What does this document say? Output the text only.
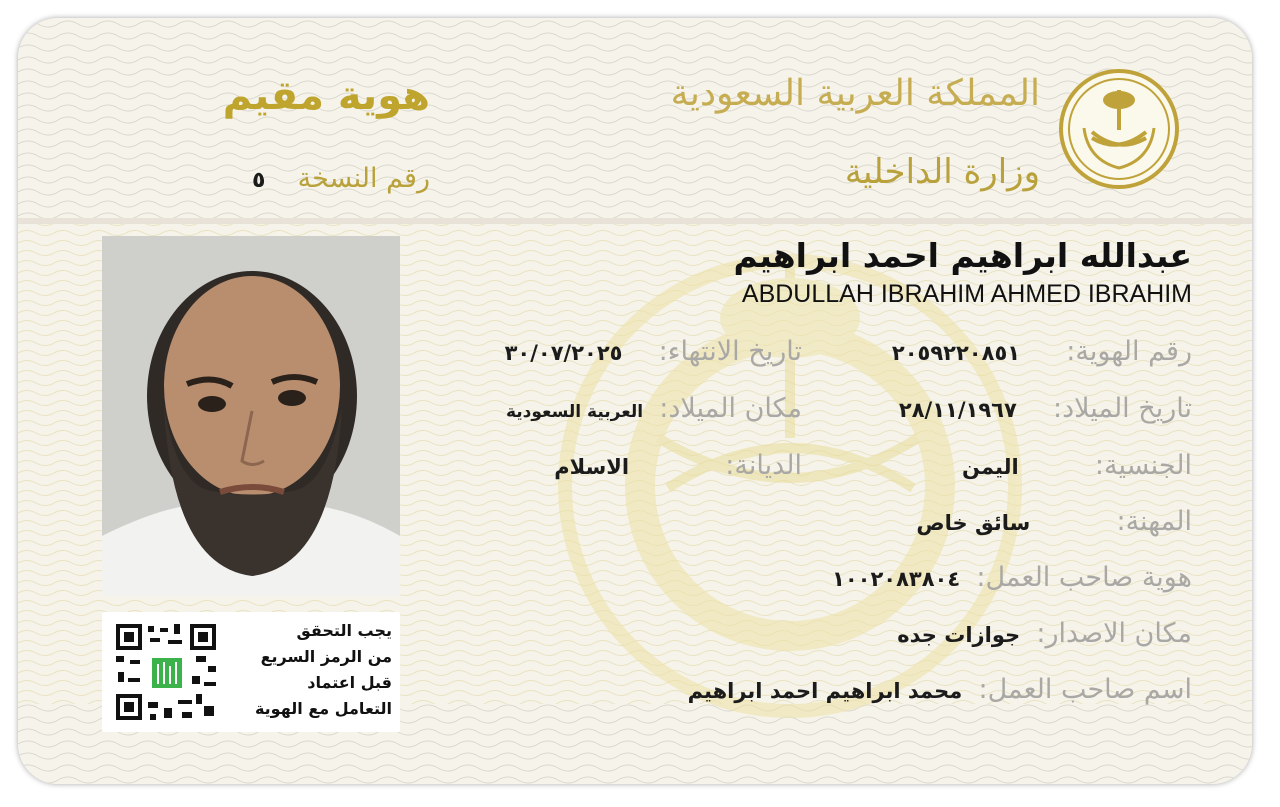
هوية مقيم
رقم النسخة  ٥
المملكة العربية السعودية
وزارة الداخلية
عبدالله ابراهيم احمد ابراهيم
ABDULLAH IBRAHIM AHMED IBRAHIM
رقم الهوية:  ٢٠٥٩٢٢٠٨٥١
تاريخ الميلاد:  ٢٨/١١/١٩٦٧
الجنسية:  اليمن
المهنة:  سائق خاص
هوية صاحب العمل:  ١٠٠٢٠٨٣٨٠٤
مكان الاصدار:  جوازات جده
اسم صاحب العمل:  محمد ابراهيم احمد ابراهيم
تاريخ الانتهاء:  ٣٠/٠٧/٢٠٢٥
مكان الميلاد:  العربية السعودية
الديانة:  الاسلام
يجب التحقق
من الرمز السريع
قبل اعتماد
التعامل مع الهوية
